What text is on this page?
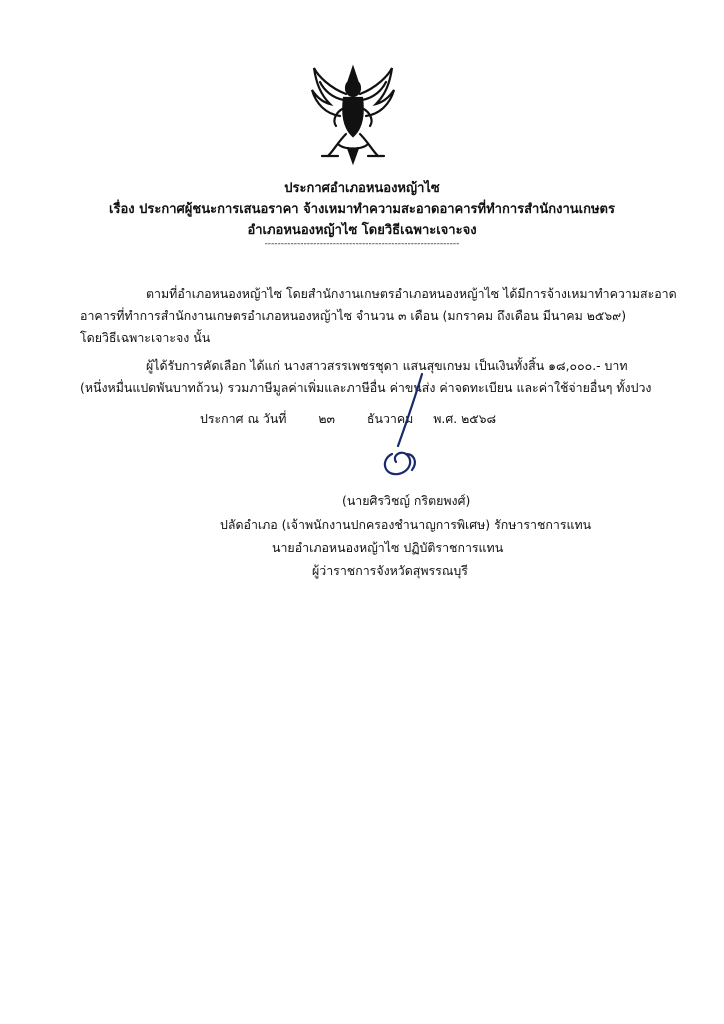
ประกาศอำเภอหนองหญ้าไซ
เรื่อง ประกาศผู้ชนะการเสนอราคา จ้างเหมาทำความสะอาดอาคารที่ทำการสำนักงานเกษตร
อำเภอหนองหญ้าไซ โดยวิธีเฉพาะเจาะจง
------------------------------------------------------------
ตามที่อำเภอหนองหญ้าไซ โดยสำนักงานเกษตรอำเภอหนองหญ้าไซ ได้มีการจ้างเหมาทำความสะอาด
อาคารที่ทำการสำนักงานเกษตรอำเภอหนองหญ้าไซ จำนวน ๓ เดือน (มกราคม ถึงเดือน มีนาคม ๒๕๖๙)
โดยวิธีเฉพาะเจาะจง นั้น
ผู้ได้รับการคัดเลือก ได้แก่ นางสาวสรรเพชรชุดา แสนสุขเกษม เป็นเงินทั้งสิ้น ๑๘,๐๐๐.- บาท
(หนึ่งหมื่นแปดพันบาทถ้วน) รวมภาษีมูลค่าเพิ่มและภาษีอื่น ค่าขนส่ง ค่าจดทะเบียน และค่าใช้จ่ายอื่นๆ ทั้งปวง
ประกาศ ณ วันที่	๒๓	ธันวาคม พ.ศ. ๒๕๖๘
(นายศิรวิชญ์ กริตยพงศ์)
ปลัดอำเภอ (เจ้าพนักงานปกครองชำนาญการพิเศษ) รักษาราชการแทน
นายอำเภอหนองหญ้าไซ ปฏิบัติราชการแทน
ผู้ว่าราชการจังหวัดสุพรรณบุรี
